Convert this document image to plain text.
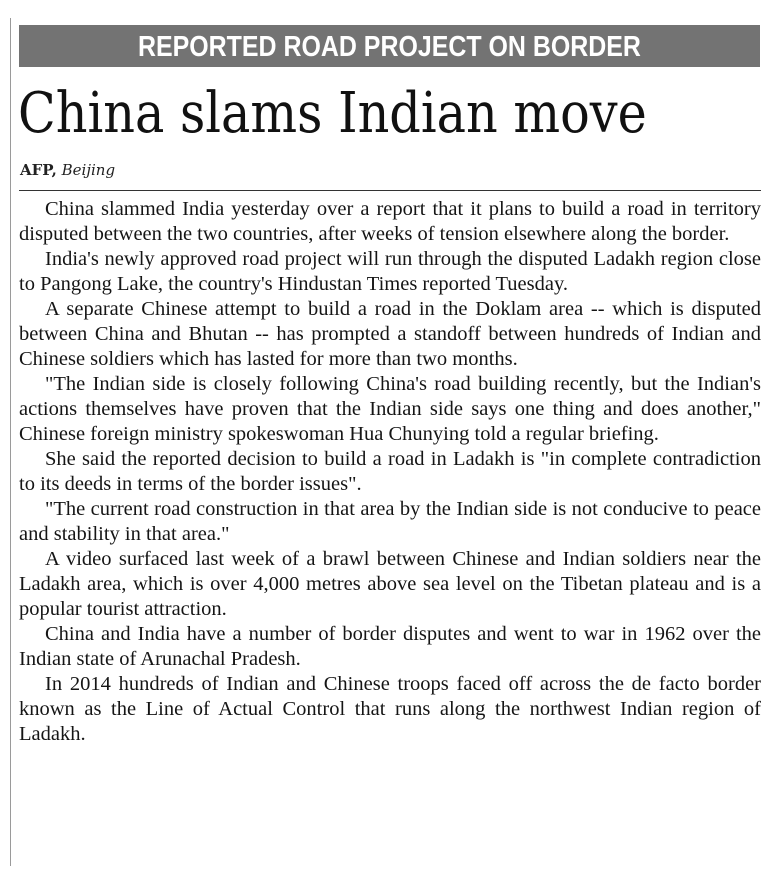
REPORTED ROAD PROJECT ON BORDER
China slams Indian move
AFP, Beijing

China slammed India yesterday over a report that it plans to build a road in territory disputed between the two countries, after weeks of tension elsewhere along the border.

India's newly approved road project will run through the disputed Ladakh region close to Pangong Lake, the country's Hindustan Times reported Tuesday.

A separate Chinese attempt to build a road in the Doklam area -- which is disputed between China and Bhutan -- has prompted a standoff between hundreds of Indian and Chinese soldiers which has lasted for more than two months.

"The Indian side is closely following China's road building recently, but the Indian's actions themselves have proven that the Indian side says one thing and does another," Chinese foreign ministry spokeswoman Hua Chunying told a regular briefing.

She said the reported decision to build a road in Ladakh is "in complete contradiction to its deeds in terms of the border issues".

"The current road construction in that area by the Indian side is not conducive to peace and stability in that area."

A video surfaced last week of a brawl between Chinese and Indian soldiers near the Ladakh area, which is over 4,000 metres above sea level on the Tibetan plateau and is a popular tourist attraction.

China and India have a number of border disputes and went to war in 1962 over the Indian state of Arunachal Pradesh.

In 2014 hundreds of Indian and Chinese troops faced off across the de facto border known as the Line of Actual Control that runs along the northwest Indian region of Ladakh.
